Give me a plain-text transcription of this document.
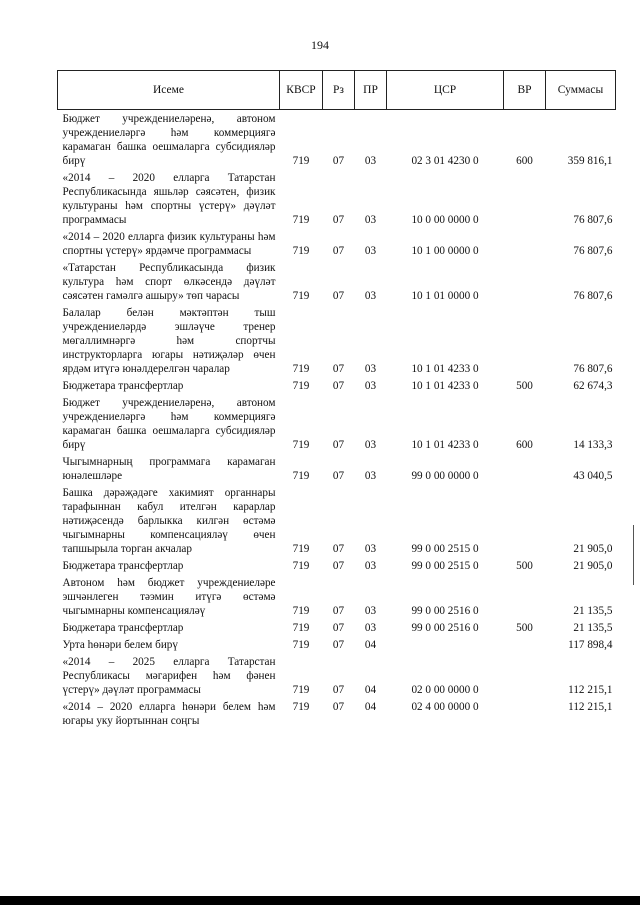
194
Исеме	КВСР	Рз	ПР	ЦСР	ВР	Суммасы
Бюджет учреждениеләренә, автоном учреждениеләргә һәм коммерциягә карамаган башка оешмаларга субсидияләр бирү	719	07	03	02 3 01 4230 0	600	359 816,1
«2014 – 2020 елларга Татарстан Республикасында яшьләр сәясәтен, физик культураны һәм спортны үстерү» дәүләт программасы	719	07	03	10 0 00 0000 0		76 807,6
«2014 – 2020 елларга физик культураны һәм спортны үстерү» ярдәмче программасы	719	07	03	10 1 00 0000 0		76 807,6
«Татарстан Республикасында физик культура һәм спорт өлкәсендә дәүләт сәясәтен гамәлгә ашыру» төп чарасы	719	07	03	10 1 01 0000 0		76 807,6
Балалар белән мәктәптән тыш учреждениеләрдә эшләүче тренер мөгаллимнәргә һәм спортчы инструкторларга югары нәтиҗәләр өчен ярдәм итүгә юнәлдерелгән чаралар	719	07	03	10 1 01 4233 0		76 807,6
Бюджетара трансфертлар	719	07	03	10 1 01 4233 0	500	62 674,3
Бюджет учреждениеләренә, автоном учреждениеләргә һәм коммерциягә карамаган башка оешмаларга субсидияләр бирү	719	07	03	10 1 01 4233 0	600	14 133,3
Чыгымнарның программага карамаган юнәлешләре	719	07	03	99 0 00 0000 0		43 040,5
Башка дәрәҗәдәге хакимият органнары тарафыннан кабул ителгән карарлар нәтиҗәсендә барлыкка килгән өстәмә чыгымнарны компенсацияләү өчен тапшырыла торган акчалар	719	07	03	99 0 00 2515 0		21 905,0
Бюджетара трансфертлар	719	07	03	99 0 00 2515 0	500	21 905,0
Автоном һәм бюджет учреждениеләре эшчәнлеген тәэмин итүгә өстәмә чыгымнарны компенсацияләү	719	07	03	99 0 00 2516 0		21 135,5
Бюджетара трансфертлар	719	07	03	99 0 00 2516 0	500	21 135,5
Урта һөнәри белем бирү	719	07	04			117 898,4
«2014 – 2025 елларга Татарстан Республикасы мәгарифен һәм фәнен үстерү» дәүләт программасы	719	07	04	02 0 00 0000 0		112 215,1
«2014 – 2020 елларга һөнәри белем һәм югары уку йортыннан соңгы	719	07	04	02 4 00 0000 0		112 215,1
